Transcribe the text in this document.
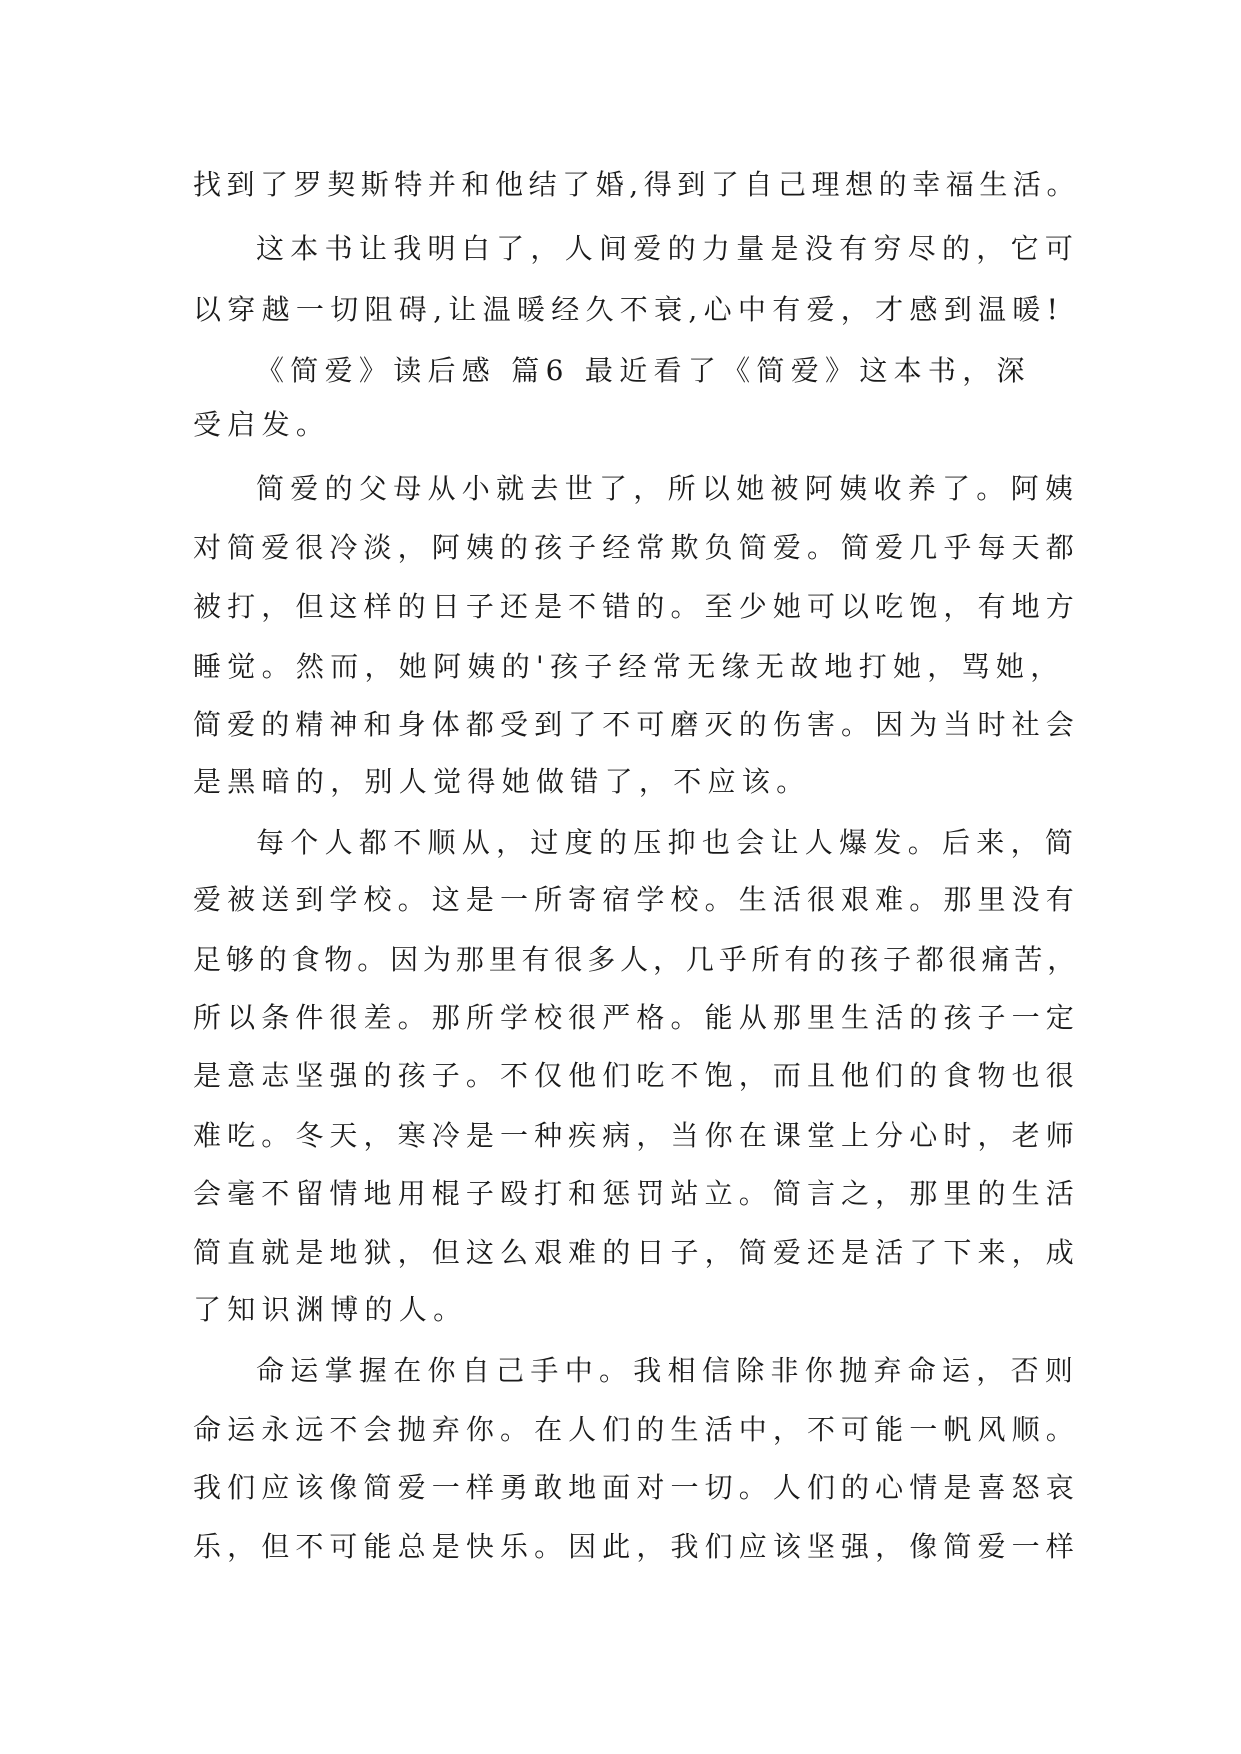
找到了罗契斯特并和他结了婚,得到了自己理想的幸福生活。
这本书让我明白了，人间爱的力量是没有穷尽的，它可
以穿越一切阻碍,让温暖经久不衰,心中有爱，才感到温暖!
《简爱》读后感 篇6 最近看了《简爱》这本书，深
受启发。
简爱的父母从小就去世了，所以她被阿姨收养了。阿姨
对简爱很冷淡，阿姨的孩子经常欺负简爱。简爱几乎每天都
被打，但这样的日子还是不错的。至少她可以吃饱，有地方
睡觉。然而，她阿姨的'孩子经常无缘无故地打她，骂她，
简爱的精神和身体都受到了不可磨灭的伤害。因为当时社会
是黑暗的，别人觉得她做错了，不应该。
每个人都不顺从，过度的压抑也会让人爆发。后来，简
爱被送到学校。这是一所寄宿学校。生活很艰难。那里没有
足够的食物。因为那里有很多人，几乎所有的孩子都很痛苦，
所以条件很差。那所学校很严格。能从那里生活的孩子一定
是意志坚强的孩子。不仅他们吃不饱，而且他们的食物也很
难吃。冬天，寒冷是一种疾病，当你在课堂上分心时，老师
会毫不留情地用棍子殴打和惩罚站立。简言之，那里的生活
简直就是地狱，但这么艰难的日子，简爱还是活了下来，成
了知识渊博的人。
命运掌握在你自己手中。我相信除非你抛弃命运，否则
命运永远不会抛弃你。在人们的生活中，不可能一帆风顺。
我们应该像简爱一样勇敢地面对一切。人们的心情是喜怒哀
乐，但不可能总是快乐。因此，我们应该坚强，像简爱一样
